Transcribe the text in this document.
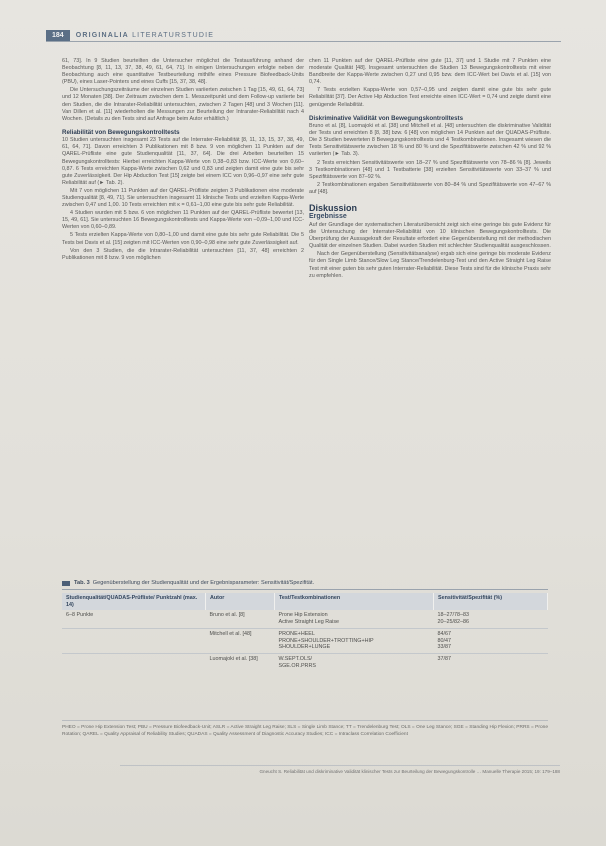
184	ORIGINALIA LITERATURSTUDIE

61, 73]. In 9 Studien beurteilten die Untersucher möglichst die Testausführung anhand der Beobachtung [8, 11, 13, 37, 38, 49, 61, 64, 71]. In einigen Untersuchungen erfolgte neben der Beobachtung auch eine quantitative Testbeurteilung mithilfe eines Pressure Biofeedback-Units (PBU), eines Laser-Pointers und eines Cuffs [15, 37, 38, 48].

Die Untersuchungszeiträume der einzelnen Studien variierten zwischen 1 Tag [15, 49, 61, 64, 73] und 12 Monaten [38]. Der Zeitraum zwischen dem 1. Messzeitpunkt und dem Follow-up variierte bei den Studien, die die Intrarater-Reliabilität untersuchten, zwischen 2 Tagen [48] und 3 Wochen [11]. Van Dillen et al. [11] wiederholten die Messungen zur Beurteilung der Intrarater-Reliabilität nach 4 Wochen. (Details zu den Tests sind auf Anfrage beim Autor erhältlich.)

Reliabilität von Bewegungskontrolltests

10 Studien untersuchten insgesamt 23 Tests auf die Interrater-Reliabilität [8, 11, 13, 15, 37, 38, 49, 61, 64, 71]. Davon erreichten 3 Publikationen mit 8 bzw. 9 von möglichen 11 Punkten auf der QAREL-Prüfliste eine gute Studienqualität [11, 37, 64]. Die drei Arbeiten beurteilten 15 Bewegungskontrolltests: Hierbei erreichten Kappa-Werte von 0,38–0,83 bzw. ICC-Werte von 0,60–0,87. 6 Tests erreichten Kappa-Werte zwischen 0,62 und 0,83 und zeigten damit eine gute bis sehr gute Zuverlässigkeit. Der Hip Abduction Test [15] zeigte bei einem ICC von 0,96–0,97 eine sehr gute Reliabilität auf (► Tab. 2).

Mit 7 von möglichen 11 Punkten auf der QAREL-Prüfliste zeigten 3 Publikationen eine moderate Studienqualität [8, 49, 71]. Sie untersuchten insgesamt 11 klinische Tests und erzielten Kappa-Werte zwischen 0,47 und 1,00. 10 Tests erreichten mit κ = 0,61–1,00 eine gute bis sehr gute Reliabilität.

4 Studien wurden mit 5 bzw. 6 von möglichen 11 Punkten auf der QAREL-Prüfliste bewertet [13, 15, 49, 61]. Sie untersuchten 16 Bewegungskontrolltests und Kappa-Werte von –0,09–1,00 und ICC-Werten von 0,60–0,89.

5 Tests erzielten Kappa-Werte von 0,80–1,00 und damit eine gute bis sehr gute Reliabilität. Die 5 Tests bei Davis et al. [15] zeigten mit ICC-Werten von 0,90–0,98 eine sehr gute Zuverlässigkeit auf.

Von den 3 Studien, die die Intrarater-Reliabilität untersuchten [11, 37, 48] erreichten 2 Publikationen mit 8 bzw. 9 von möglichen

chen 11 Punkten auf der QAREL-Prüfliste eine gute [11, 37] und 1 Studie mit 7 Punkten eine moderate Qualität [48]. Insgesamt untersuchten die Studien 13 Bewegungskontrolltests mit einer Bandbreite der Kappa-Werte zwischen 0,27 und 0,95 bzw. dem ICC-Wert bei Davis et al. [15] von 0,74.

7 Tests erzielten Kappa-Werte von 0,57–0,95 und zeigten damit eine gute bis sehr gute Reliabilität [37]. Der Active Hip Abduction Test erreichte einen ICC-Wert = 0,74 und zeigte damit eine genügende Reliabilität.

Diskriminative Validität von Bewegungskontrolltests

Bruno et al. [8], Luomajoki et al. [38] und Mitchell et al. [48] untersuchten die diskriminative Validität der Tests und erreichten 8 [8, 38] bzw. 6 [48] von möglichen 14 Punkten auf der QUADAS-Prüfliste. Die 3 Studien bewerteten 8 Bewegungskontrolltests und 4 Testkombinationen. Insgesamt wiesen die Tests Sensitivitätswerte zwischen 18 % und 80 % und die Spezifitätswerte zwischen 42 % und 92 % variierten (► Tab. 3).

2 Tests erreichten Sensitivitätswerte von 18–27 % und Spezifitätswerte von 78–86 % [8]. Jeweils 3 Testkombinationen [48] und 1 Testbatterie [38] erzielten Sensitivitätswerte von 33–37 % und Spezifitätswerte von 87–92 %.

2 Testkombinationen ergaben Sensitivitätswerte von 80–84 % und Spezifitätswerte von 47–67 % auf [48].

Diskussion
Ergebnisse

Auf der Grundlage der systematischen Literaturübersicht zeigt sich eine geringe bis gute Evidenz für die Untersuchung der Interrater-Reliabilität von 10 klinischen Bewegungskontrolltests. Die Überprüfung der Aussagekraft der Resultate erfordert eine Gegenüberstellung mit der methodischen Qualität der einzelnen Studien. Dabei wurden Studien mit schlechter Studienqualität ausgeschlossen.

Nach der Gegenüberstellung (Sensitivitätsanalyse) ergab sich eine geringe bis moderate Evidenz für den Single Limb Stance/Slow Leg Stance/Trendelenburg-Test und den Active Straight Leg Raise Test mit einer guten bis sehr guten Interrater-Reliabilität. Diese Tests sind für die klinische Praxis sehr zu empfehlen.

Tab. 3 Gegenüberstellung der Studienqualität und der Ergebnisparameter: Sensitivität/Spezifität.
Studienqualität/QUADAS-Prüfliste/ Punktzahl (max. 14)	Autor	Test/Testkombinationen	Sensitivität/Spezifität (%)
6–8 Punkte	Bruno et al. [8]	Prone Hip Extension
Active Straight Leg Raise	18–27/78–83
20–25/82–86
	Mitchell et al. [48]	PRONE+HEEL
PRONE+SHOULDER+TROTTING+HIP
SHOULDER+LUNGE	84/67
80/47
33/87
	Luomajoki et al. [38]	W.SEPT.OLS/
SGE.OR.PRRS	37/87
PHEO = Prone Hip Extension Test; PBU = Pressure Biofeedback-Unit; ASLR = Active Straight Leg Raise; SLS = Single Limb Stance; TT = Trendelenburg Test; OLS = One Leg Stance; SGE = Standing Hip Flexion; PRRS = Prone Rotation; QAREL = Quality Appraisal of Reliability Studies; QUADAS = Quality Assessment of Diagnostic Accuracy Studies; ICC = Intraclass Correlation Coefficient
Gneucht S. Reliabilität und diskriminative Validität klinischer Tests zur Beurteilung der Bewegungskontrolle … Manuelle Therapie 2015; 19: 179–188
